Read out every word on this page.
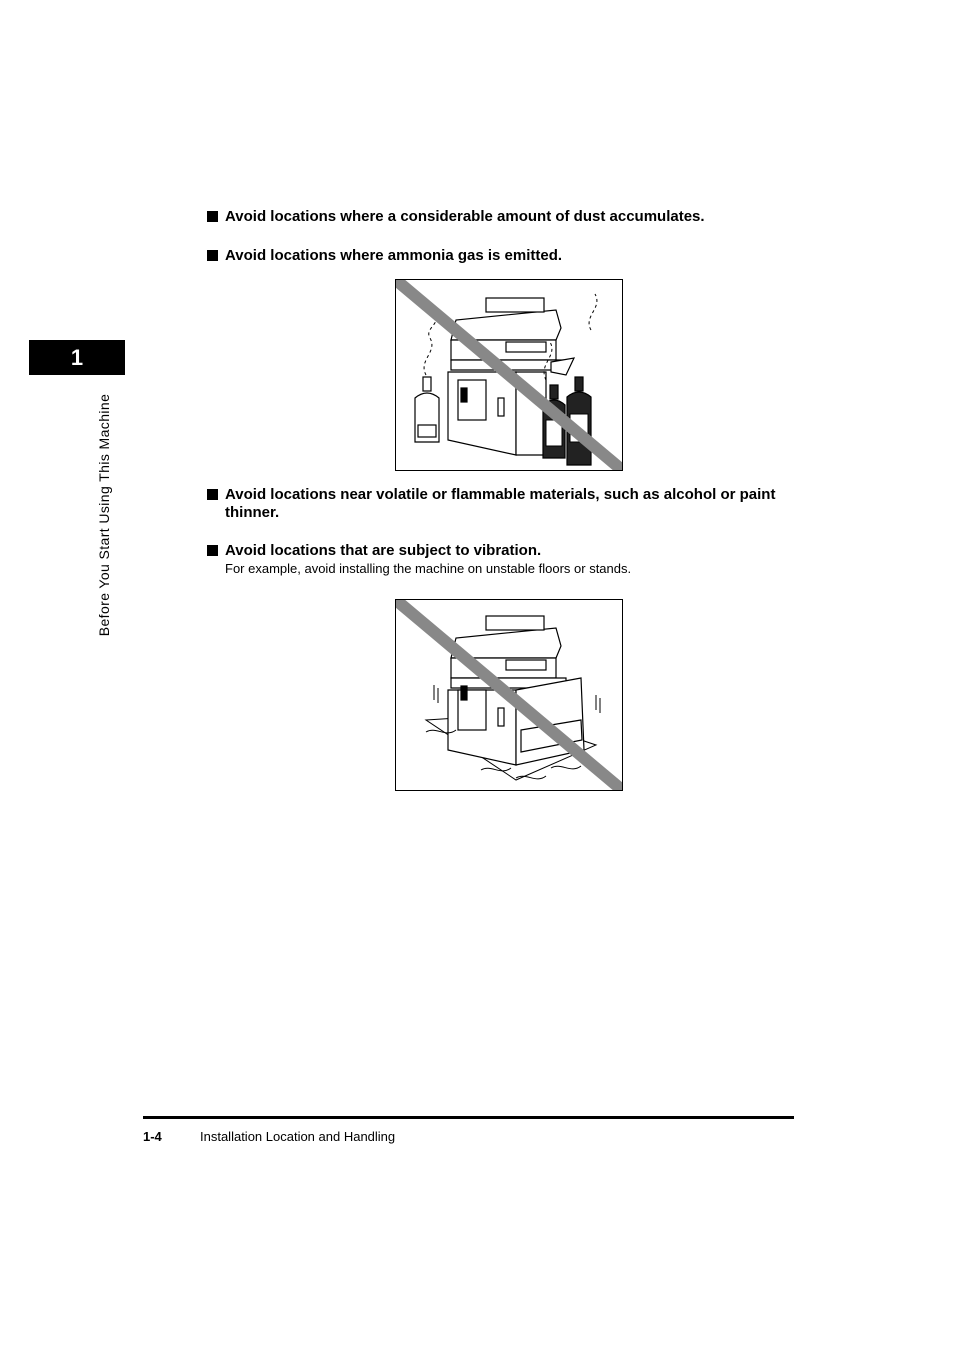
1
Before You Start Using This Machine
Avoid locations where a considerable amount of dust accumulates.
Avoid locations where ammonia gas is emitted.
Avoid locations near volatile or flammable materials, such as alcohol or paint thinner.
Avoid locations that are subject to vibration.
For example, avoid installing the machine on unstable floors or stands.
1-4	Installation Location and Handling
